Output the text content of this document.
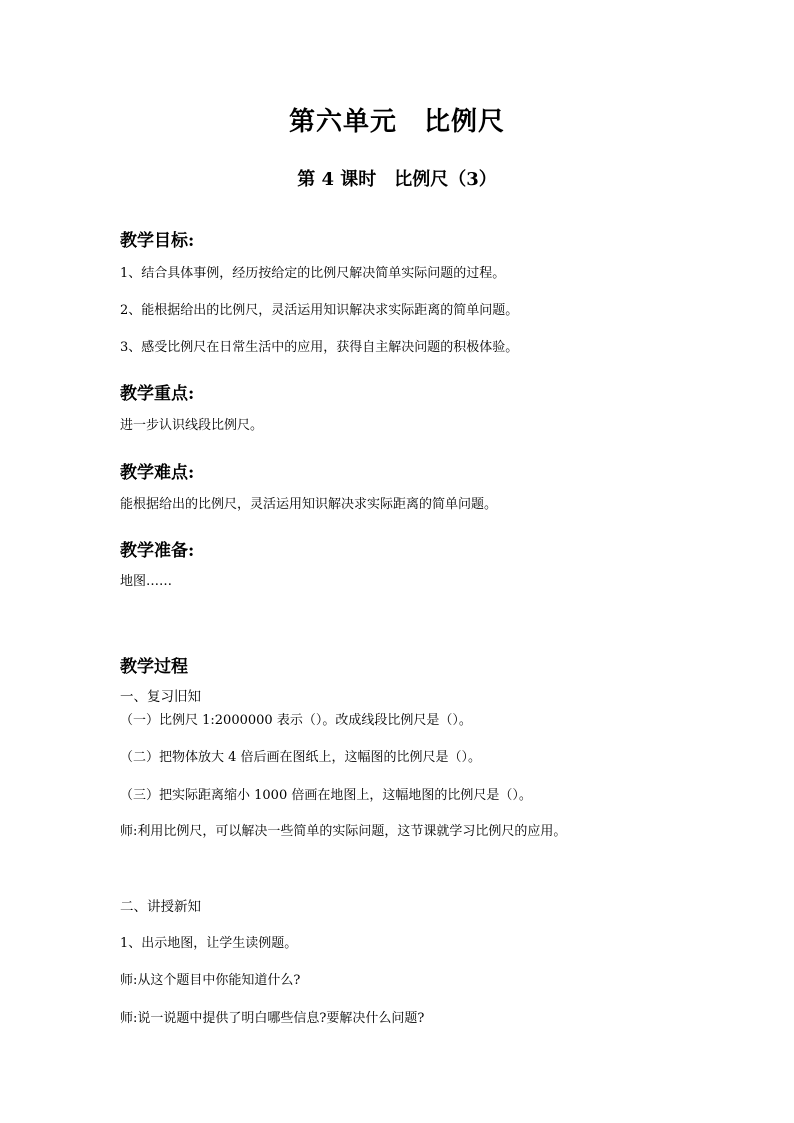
第六单元　比例尺
第 4 课时　比例尺（3）
教学目标:
1、结合具体事例，经历按给定的比例尺解决简单实际问题的过程。
2、能根据给出的比例尺，灵活运用知识解决求实际距离的简单问题。
3、感受比例尺在日常生活中的应用，获得自主解决问题的积极体验。
教学重点:
进一步认识线段比例尺。
教学难点:
能根据给出的比例尺，灵活运用知识解决求实际距离的简单问题。
教学准备:
地图……
教学过程
一、复习旧知
（一）比例尺 1:2000000 表示（）。改成线段比例尺是（）。
（二）把物体放大 4 倍后画在图纸上，这幅图的比例尺是（）。
（三）把实际距离缩小 1000 倍画在地图上，这幅地图的比例尺是（）。
师:利用比例尺，可以解决一些简单的实际问题，这节课就学习比例尺的应用。
二、讲授新知
1、出示地图，让学生读例题。
师:从这个题目中你能知道什么?
师:说一说题中提供了明白哪些信息?要解决什么问题?
